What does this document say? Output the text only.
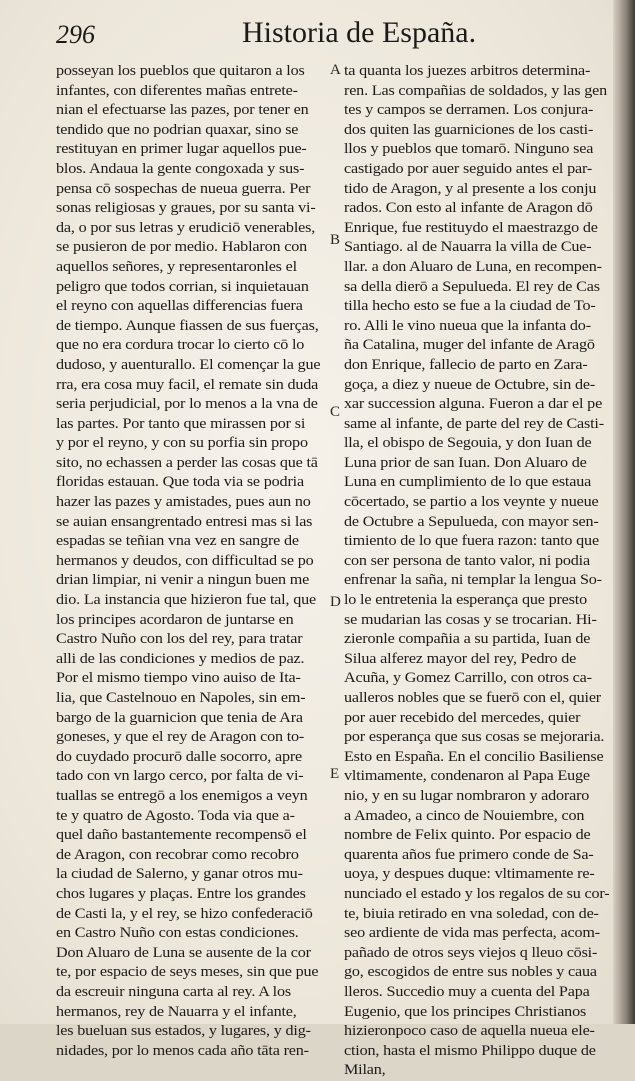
296	Historia de España.
posseyan los pueblos que quitaron a los
infantes, con diferentes mañas entrete-
nian el efectuarse las pazes, por tener en
tendido que no podrian quaxar, sino se
restituyan en primer lugar aquellos pue-
blos. Andaua la gente congoxada y sus-
pensa cō sospechas de nueua guerra. Per
sonas religiosas y graues, por su santa vi-
da, o por sus letras y erudiciō venerables,
se pusieron de por medio. Hablaron con
aquellos señores, y representaronles el
peligro que todos corrian, si inquietauan
el reyno con aquellas differencias fuera
de tiempo. Aunque fiassen de sus fuerças,
que no era cordura trocar lo cierto cō lo
dudoso, y auenturallo. El començar la gue
rra, era cosa muy facil, el remate sin duda
seria perjudicial, por lo menos a la vna de
las partes. Por tanto que mirassen por si
y por el reyno, y con su porfia sin propo
sito, no echassen a perder las cosas que tā
floridas estauan. Que toda via se podria
hazer las pazes y amistades, pues aun no
se auian ensangrentado entresi mas si las
espadas se teñian vna vez en sangre de
hermanos y deudos, con difficultad se po
drian limpiar, ni venir a ningun buen me
dio. La instancia que hizieron fue tal, que
los principes acordaron de juntarse en
Castro Nuño con los del rey, para tratar
alli de las condiciones y medios de paz.
Por el mismo tiempo vino auiso de Ita-
lia, que Castelnouo en Napoles, sin em-
bargo de la guarnicion que tenia de Ara
goneses, y que el rey de Aragon con to-
do cuydado procurō dalle socorro, apre
tado con vn largo cerco, por falta de vi-
tuallas se entregō a los enemigos a veyn
te y quatro de Agosto. Toda via que a-
quel daño bastantemente recompensō el
de Aragon, con recobrar como recobro
la ciudad de Salerno, y ganar otros mu-
chos lugares y plaças. Entre los grandes
de Casti la, y el rey, se hizo confederaciō
en Castro Nuño con estas condiciones.
Don Aluaro de Luna se ausente de la cor
te, por espacio de seys meses, sin que pue
da escreuir ninguna carta al rey. A los
hermanos, rey de Nauarra y el infante,
les bueluan sus estados, y lugares, y dig-
nidades, por lo menos cada año tāta ren-
ta quanta los juezes arbitros determina-
ren. Las compañias de soldados, y las gen
tes y campos se derramen. Los conjura-
dos quiten las guarniciones de los casti-
llos y pueblos que tomarō. Ninguno sea
castigado por auer seguido antes el par-
tido de Aragon, y al presente a los conju
rados. Con esto al infante de Aragon dō
Enrique, fue restituydo el maestrazgo de
Santiago. al de Nauarra la villa de Cue-
llar. a don Aluaro de Luna, en recompen-
sa della dierō a Sepulueda. El rey de Cas
tilla hecho esto se fue a la ciudad de To-
ro. Alli le vino nueua que la infanta do-
ña Catalina, muger del infante de Aragō
don Enrique, fallecio de parto en Zara-
goça, a diez y nueue de Octubre, sin de-
xar succession alguna. Fueron a dar el pe
same al infante, de parte del rey de Casti-
lla, el obispo de Segouia, y don Iuan de
Luna prior de san Iuan. Don Aluaro de
Luna en cumplimiento de lo que estaua
cōcertado, se partio a los veynte y nueue
de Octubre a Sepulueda, con mayor sen-
timiento de lo que fuera razon: tanto que
con ser persona de tanto valor, ni podia
enfrenar la saña, ni templar la lengua So-
lo le entretenia la esperança que presto
se mudarian las cosas y se trocarian. Hi-
zieronle compañia a su partida, Iuan de
Silua alferez mayor del rey, Pedro de
Acuña, y Gomez Carrillo, con otros ca-
ualleros nobles que se fuerō con el, quier
por auer recebido del mercedes, quier
por esperança que sus cosas se mejoraria.
Esto en España. En el concilio Basiliense
vltimamente, condenaron al Papa Euge
nio, y en su lugar nombraron y adoraro
a Amadeo, a cinco de Nouiembre, con
nombre de Felix quinto. Por espacio de
quarenta años fue primero conde de Sa-
uoya, y despues duque: vltimamente re-
nunciado el estado y los regalos de su cor-
te, biuia retirado en vna soledad, con de-
seo ardiente de vida mas perfecta, acom-
pañado de otros seys viejos q lleuo cōsi-
go, escogidos de entre sus nobles y caua
lleros. Succedio muy a cuenta del Papa
Eugenio, que los principes Christianos
hizieronpoco caso de aquella nueua ele-
ction, hasta el mismo Philippo duque de
Milan,
A
B
C
D
E
